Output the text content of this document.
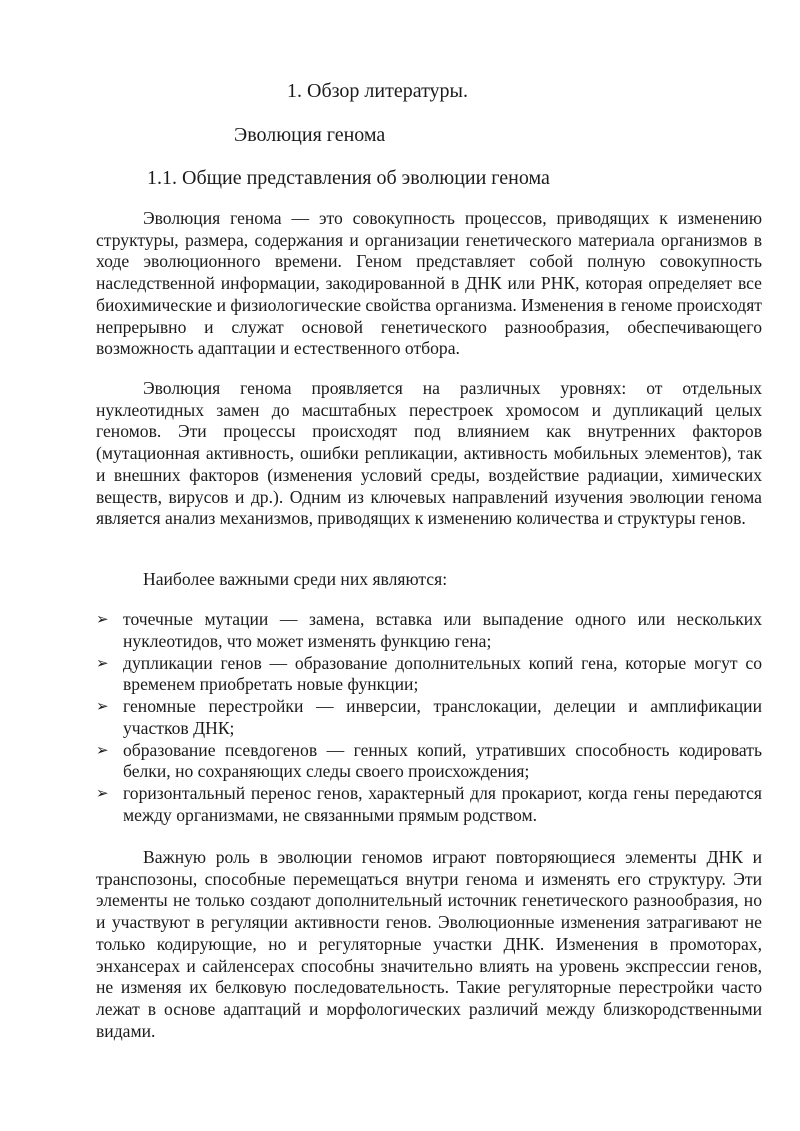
1. Обзор литературы.
Эволюция генома
1.1. Общие представления об эволюции генома

Эволюция генома — это совокупность процессов, приводящих к изменению структуры, размера, содержания и организации генетического материала организмов в ходе эволюционного времени. Геном представляет собой полную совокупность наследственной информации, закодированной в ДНК или РНК, которая определяет все биохимические и физиологические свойства организма. Изменения в геноме происходят непрерывно и служат основой генетического разнообразия, обеспечивающего возможность адаптации и естественного отбора.

Эволюция генома проявляется на различных уровнях: от отдельных нуклеотидных замен до масштабных перестроек хромосом и дупликаций целых геномов. Эти процессы происходят под влиянием как внутренних факторов (мутационная активность, ошибки репликации, активность мобильных элементов), так и внешних факторов (изменения условий среды, воздействие радиации, химических веществ, вирусов и др.). Одним из ключевых направлений изучения эволюции генома является анализ механизмов, приводящих к изменению количества и структуры генов.

Наиболее важными среди них являются:

➢ точечные мутации — замена, вставка или выпадение одного или нескольких нуклеотидов, что может изменять функцию гена;
➢ дупликации генов — образование дополнительных копий гена, которые могут со временем приобретать новые функции;
➢ геномные перестройки — инверсии, транслокации, делеции и амплификации участков ДНК;
➢ образование псевдогенов — генных копий, утративших способность кодировать белки, но сохраняющих следы своего происхождения;
➢ горизонтальный перенос генов, характерный для прокариот, когда гены передаются между организмами, не связанными прямым родством.

Важную роль в эволюции геномов играют повторяющиеся элементы ДНК и транспозоны, способные перемещаться внутри генома и изменять его структуру. Эти элементы не только создают дополнительный источник генетического разнообразия, но и участвуют в регуляции активности генов. Эволюционные изменения затрагивают не только кодирующие, но и регуляторные участки ДНК. Изменения в промоторах, энхансерах и сайленсерах способны значительно влиять на уровень экспрессии генов, не изменяя их белковую последовательность. Такие регуляторные перестройки часто лежат в основе адаптаций и морфологических различий между близкородственными видами.
